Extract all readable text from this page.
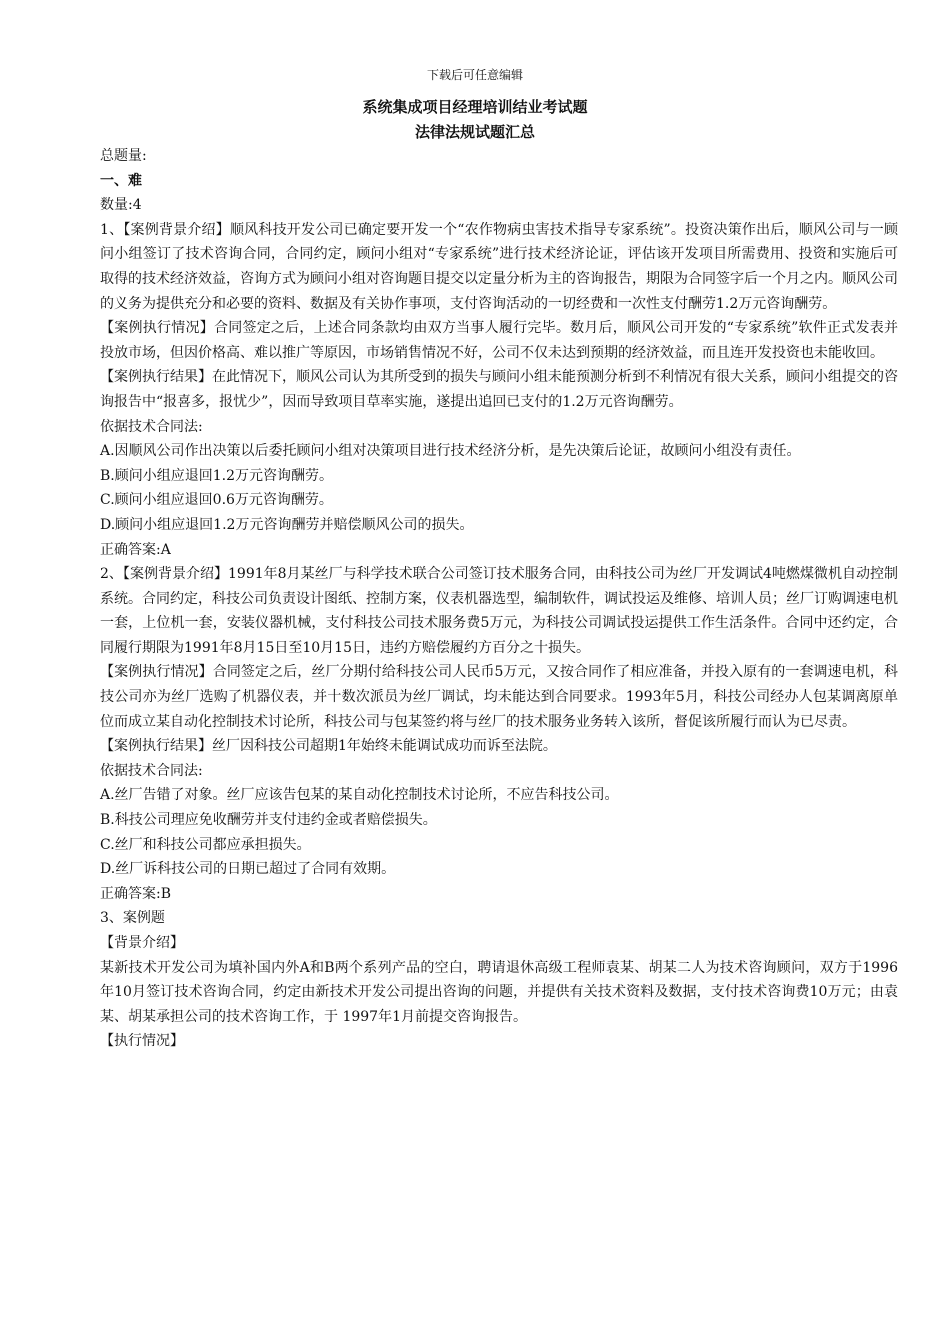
下载后可任意编辑
系统集成项目经理培训结业考试题
法律法规试题汇总

总题量:

一、难

数量:4

1、【案例背景介绍】顺风科技开发公司已确定要开发一个“农作物病虫害技术指导专家系统”。投资决策作出后，顺风公司与一顾问小组签订了技术咨询合同，合同约定，顾问小组对“专家系统”进行技术经济论证，评估该开发项目所需费用、投资和实施后可取得的技术经济效益，咨询方式为顾问小组对咨询题目提交以定量分析为主的咨询报告，期限为合同签字后一个月之内。顺风公司的义务为提供充分和必要的资料、数据及有关协作事项，支付咨询活动的一切经费和一次性支付酬劳1.2万元咨询酬劳。

【案例执行情况】合同签定之后，上述合同条款均由双方当事人履行完毕。数月后，顺风公司开发的“专家系统”软件正式发表并投放市场，但因价格高、难以推广等原因，市场销售情况不好，公司不仅未达到预期的经济效益，而且连开发投资也未能收回。

【案例执行结果】在此情况下，顺风公司认为其所受到的损失与顾问小组未能预测分析到不利情况有很大关系，顾问小组提交的咨询报告中“报喜多，报忧少”，因而导致项目草率实施，遂提出追回已支付的1.2万元咨询酬劳。

依据技术合同法:

A.因顺风公司作出决策以后委托顾问小组对决策项目进行技术经济分析，是先决策后论证，故顾问小组没有责任。

B.顾问小组应退回1.2万元咨询酬劳。

C.顾问小组应退回0.6万元咨询酬劳。

D.顾问小组应退回1.2万元咨询酬劳并赔偿顺风公司的损失。

正确答案:A

2、【案例背景介绍】1991年8月某丝厂与科学技术联合公司签订技术服务合同，由科技公司为丝厂开发调试4吨燃煤微机自动控制系统。合同约定，科技公司负责设计图纸、控制方案，仪表机器选型，编制软件，调试投运及维修、培训人员；丝厂订购调速电机一套，上位机一套，安装仪器机械，支付科技公司技术服务费5万元，为科技公司调试投运提供工作生活条件。合同中还约定，合同履行期限为1991年8月15日至10月15日，违约方赔偿履约方百分之十损失。

【案例执行情况】合同签定之后，丝厂分期付给科技公司人民币5万元，又按合同作了相应准备，并投入原有的一套调速电机，科技公司亦为丝厂选购了机器仪表，并十数次派员为丝厂调试，均未能达到合同要求。1993年5月，科技公司经办人包某调离原单位而成立某自动化控制技术讨论所，科技公司与包某签约将与丝厂的技术服务业务转入该所，督促该所履行而认为已尽责。

【案例执行结果】丝厂因科技公司超期1年始终未能调试成功而诉至法院。

依据技术合同法:

A.丝厂告错了对象。丝厂应该告包某的某自动化控制技术讨论所，不应告科技公司。

B.科技公司理应免收酬劳并支付违约金或者赔偿损失。

C.丝厂和科技公司都应承担损失。

D.丝厂诉科技公司的日期已超过了合同有效期。

正确答案:B

3、案例题

【背景介绍】

某新技术开发公司为填补国内外A和B两个系列产品的空白，聘请退休高级工程师袁某、胡某二人为技术咨询顾问，双方于1996年10月签订技术咨询合同，约定由新技术开发公司提出咨询的问题，并提供有关技术资料及数据，支付技术咨询费10万元；由袁某、胡某承担公司的技术咨询工作，于 1997年1月前提交咨询报告。

【执行情况】
